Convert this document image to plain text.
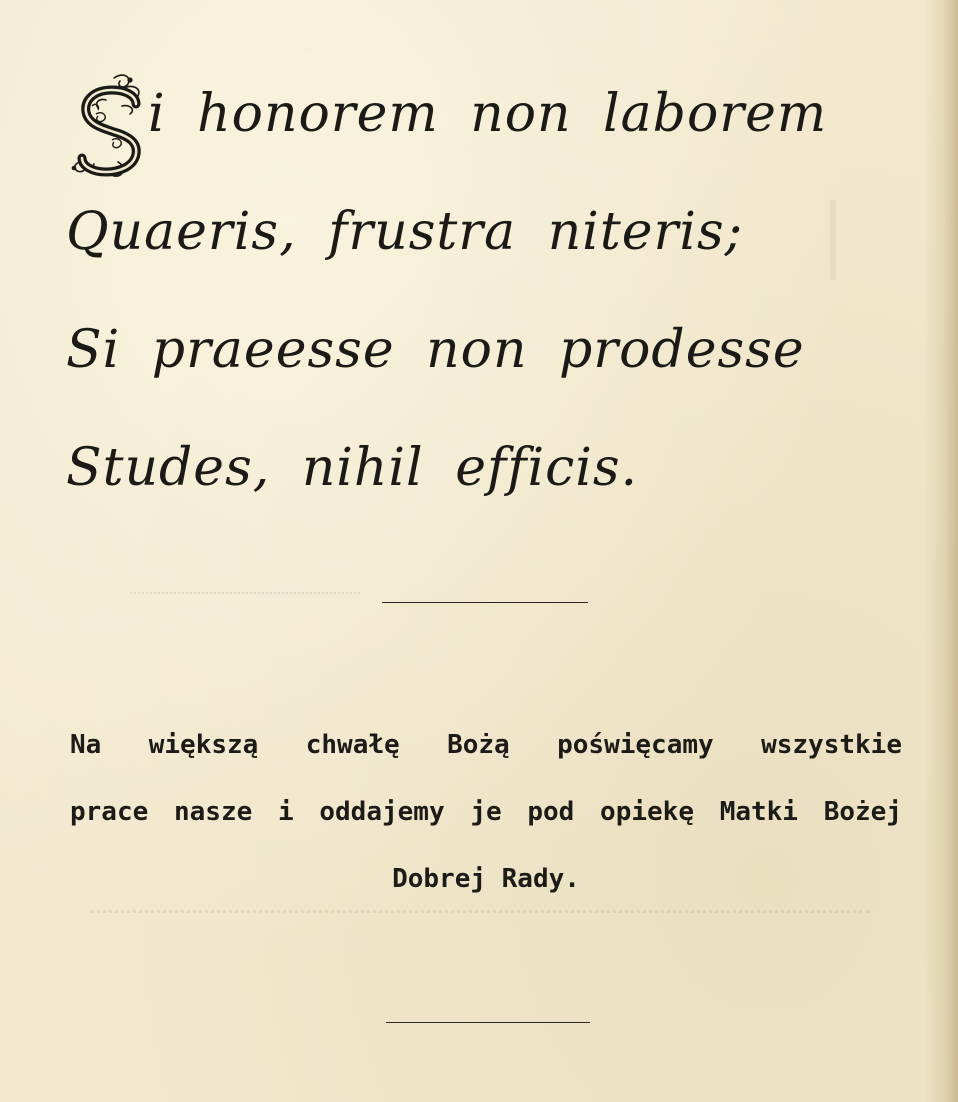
i honorem non laborem
Quaeris, frustra niteris;
Si praeesse non prodesse
Studes, nihil efficis.
Na większą chwałę Bożą poświęcamy wszystkie
prace nasze i oddajemy je pod opiekę Matki Bożej
Dobrej Rady.
